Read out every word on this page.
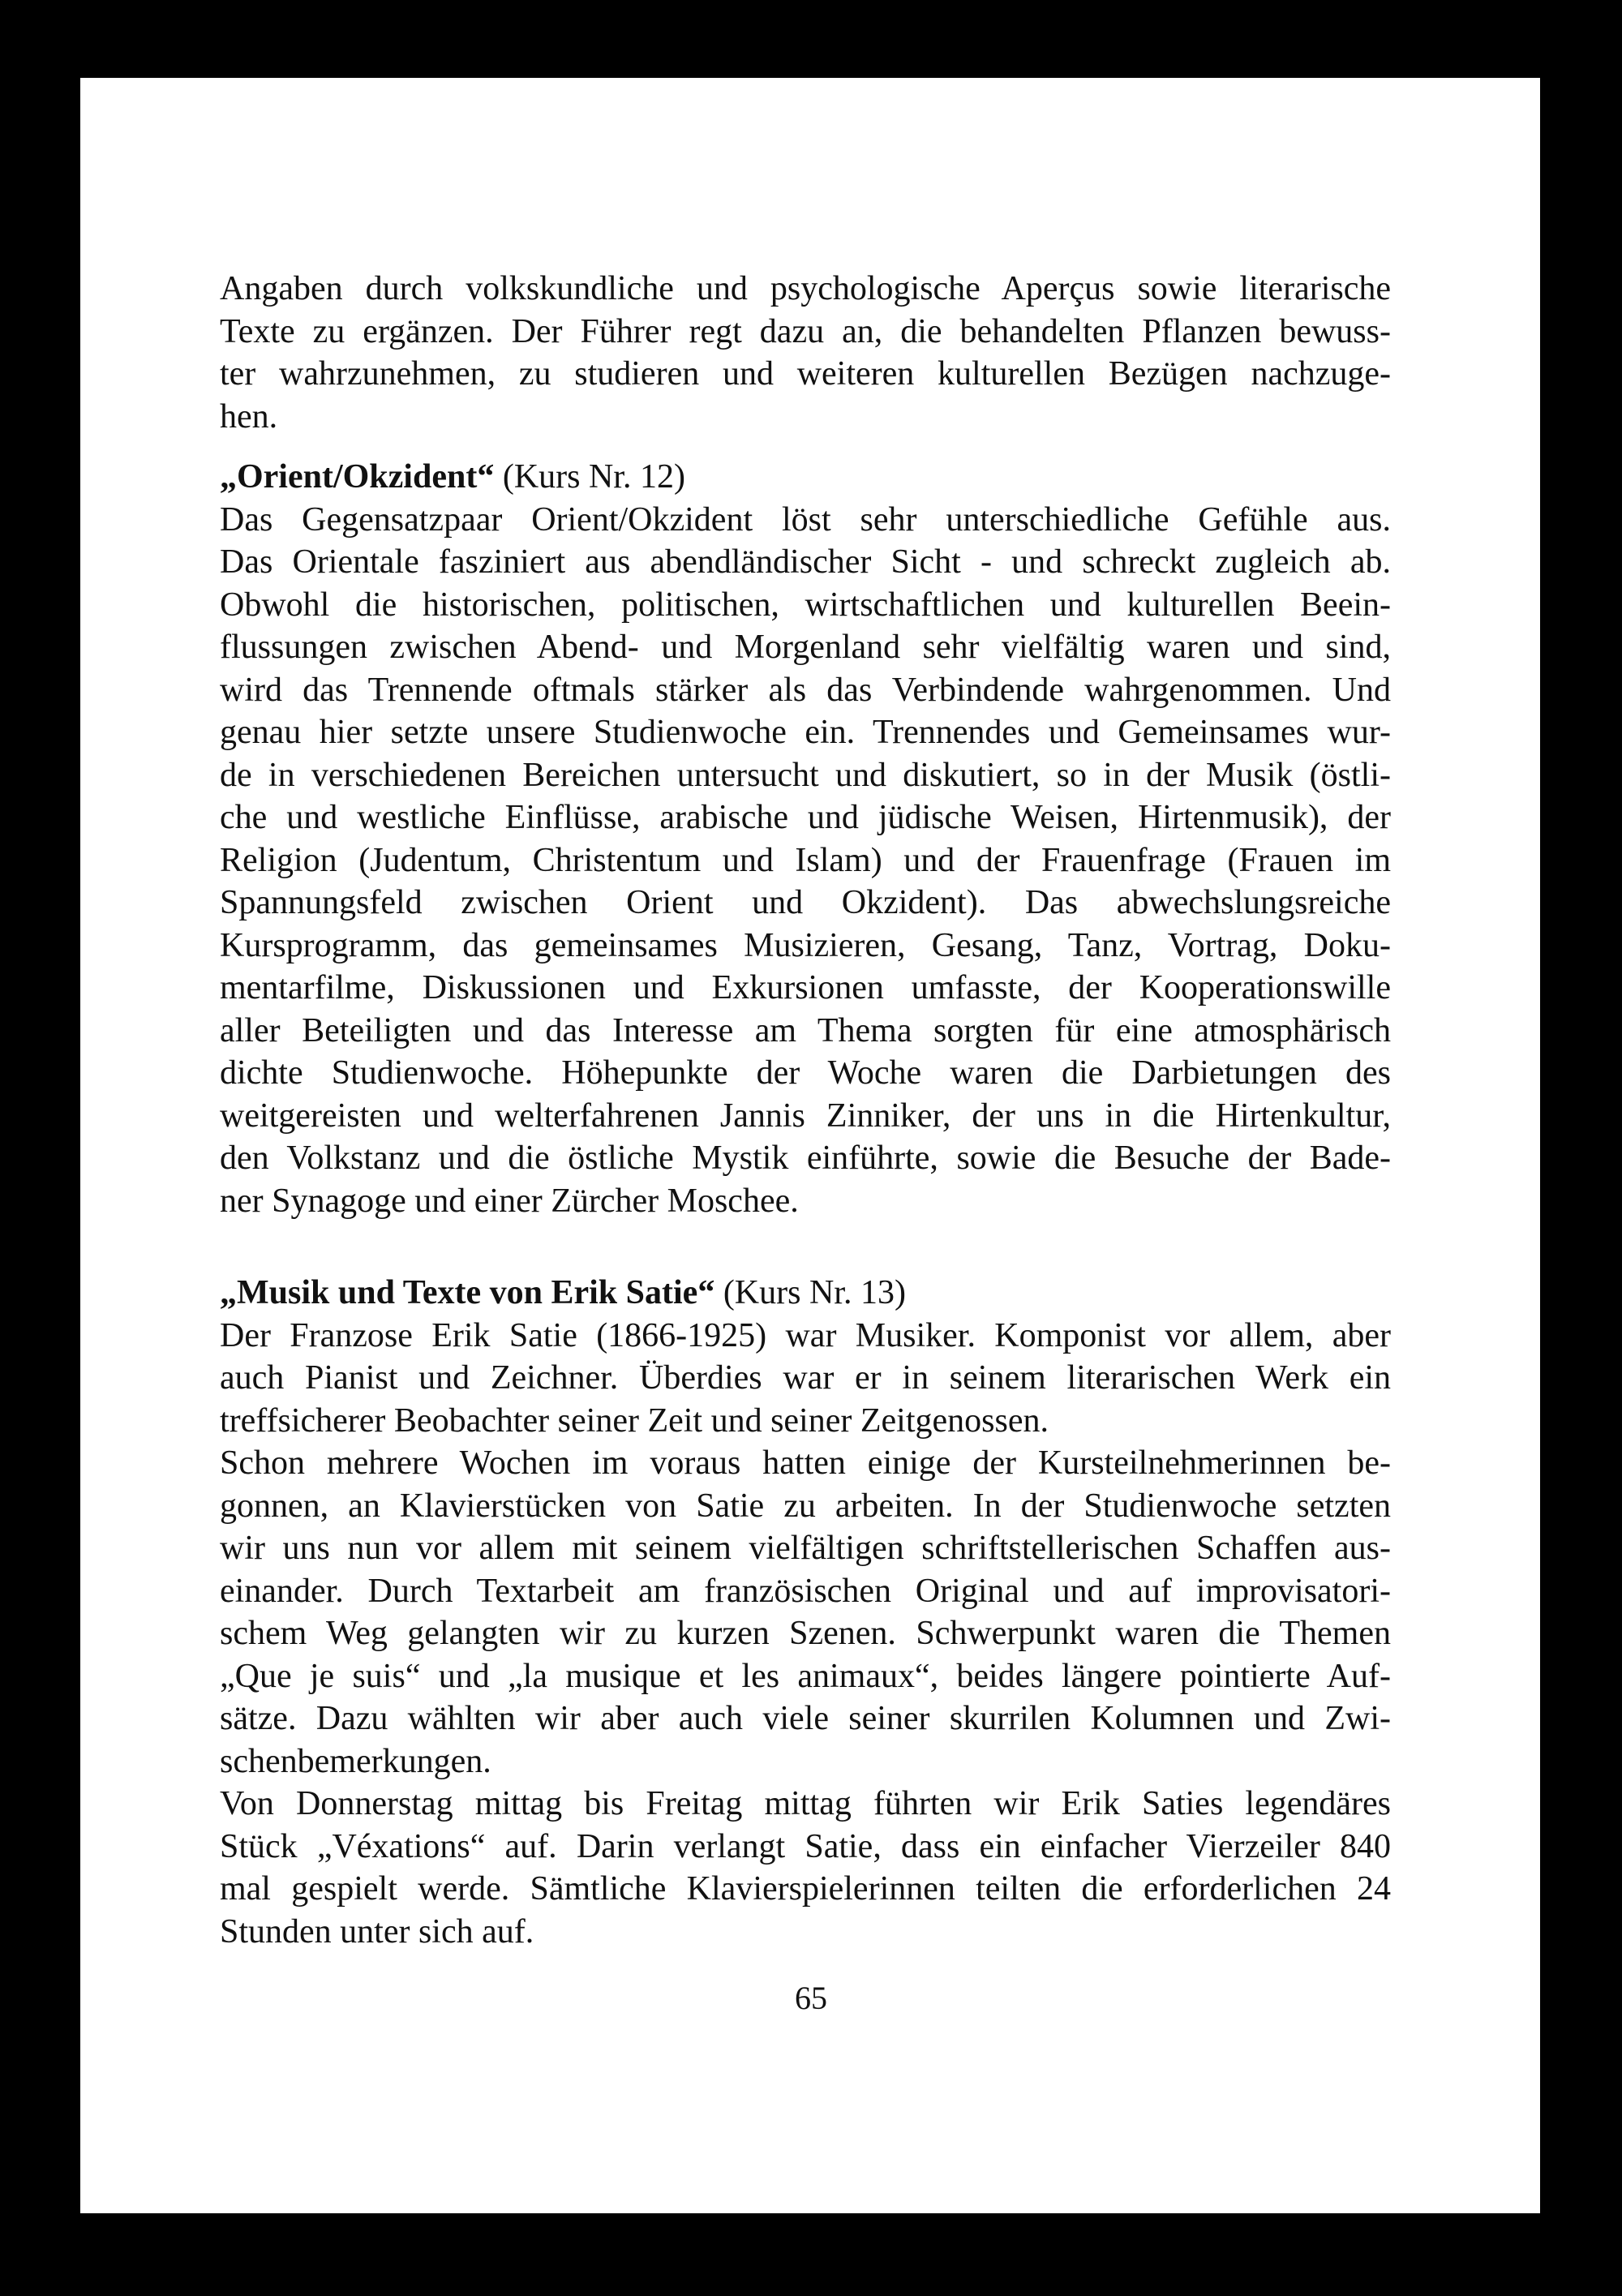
Angaben durch volkskundliche und psychologische Aperçus sowie literarische
Texte zu ergänzen. Der Führer regt dazu an, die behandelten Pflanzen bewuss-
ter wahrzunehmen, zu studieren und weiteren kulturellen Bezügen nachzuge-
hen.
„Orient/Okzident“ (Kurs Nr. 12)
Das Gegensatzpaar Orient/Okzident löst sehr unterschiedliche Gefühle aus.
Das Orientale fasziniert aus abendländischer Sicht - und schreckt zugleich ab.
Obwohl die historischen, politischen, wirtschaftlichen und kulturellen Beein-
flussungen zwischen Abend- und Morgenland sehr vielfältig waren und sind,
wird das Trennende oftmals stärker als das Verbindende wahrgenommen. Und
genau hier setzte unsere Studienwoche ein. Trennendes und Gemeinsames wur-
de in verschiedenen Bereichen untersucht und diskutiert, so in der Musik (östli-
che und westliche Einflüsse, arabische und jüdische Weisen, Hirtenmusik), der
Religion (Judentum, Christentum und Islam) und der Frauenfrage (Frauen im
Spannungsfeld zwischen Orient und Okzident). Das abwechslungsreiche
Kursprogramm, das gemeinsames Musizieren, Gesang, Tanz, Vortrag, Doku-
mentarfilme, Diskussionen und Exkursionen umfasste, der Kooperationswille
aller Beteiligten und das Interesse am Thema sorgten für eine atmosphärisch
dichte Studienwoche. Höhepunkte der Woche waren die Darbietungen des
weitgereisten und welterfahrenen Jannis Zinniker, der uns in die Hirtenkultur,
den Volkstanz und die östliche Mystik einführte, sowie die Besuche der Bade-
ner Synagoge und einer Zürcher Moschee.
„Musik und Texte von Erik Satie“ (Kurs Nr. 13)
Der Franzose Erik Satie (1866-1925) war Musiker. Komponist vor allem, aber
auch Pianist und Zeichner. Überdies war er in seinem literarischen Werk ein
treffsicherer Beobachter seiner Zeit und seiner Zeitgenossen.
Schon mehrere Wochen im voraus hatten einige der Kursteilnehmerinnen be-
gonnen, an Klavierstücken von Satie zu arbeiten. In der Studienwoche setzten
wir uns nun vor allem mit seinem vielfältigen schriftstellerischen Schaffen aus-
einander. Durch Textarbeit am französischen Original und auf improvisatori-
schem Weg gelangten wir zu kurzen Szenen. Schwerpunkt waren die Themen
„Que je suis“ und „la musique et les animaux“, beides längere pointierte Auf-
sätze. Dazu wählten wir aber auch viele seiner skurrilen Kolumnen und Zwi-
schenbemerkungen.
Von Donnerstag mittag bis Freitag mittag führten wir Erik Saties legendäres
Stück „Véxations“ auf. Darin verlangt Satie, dass ein einfacher Vierzeiler 840
mal gespielt werde. Sämtliche Klavierspielerinnen teilten die erforderlichen 24
Stunden unter sich auf.
65
